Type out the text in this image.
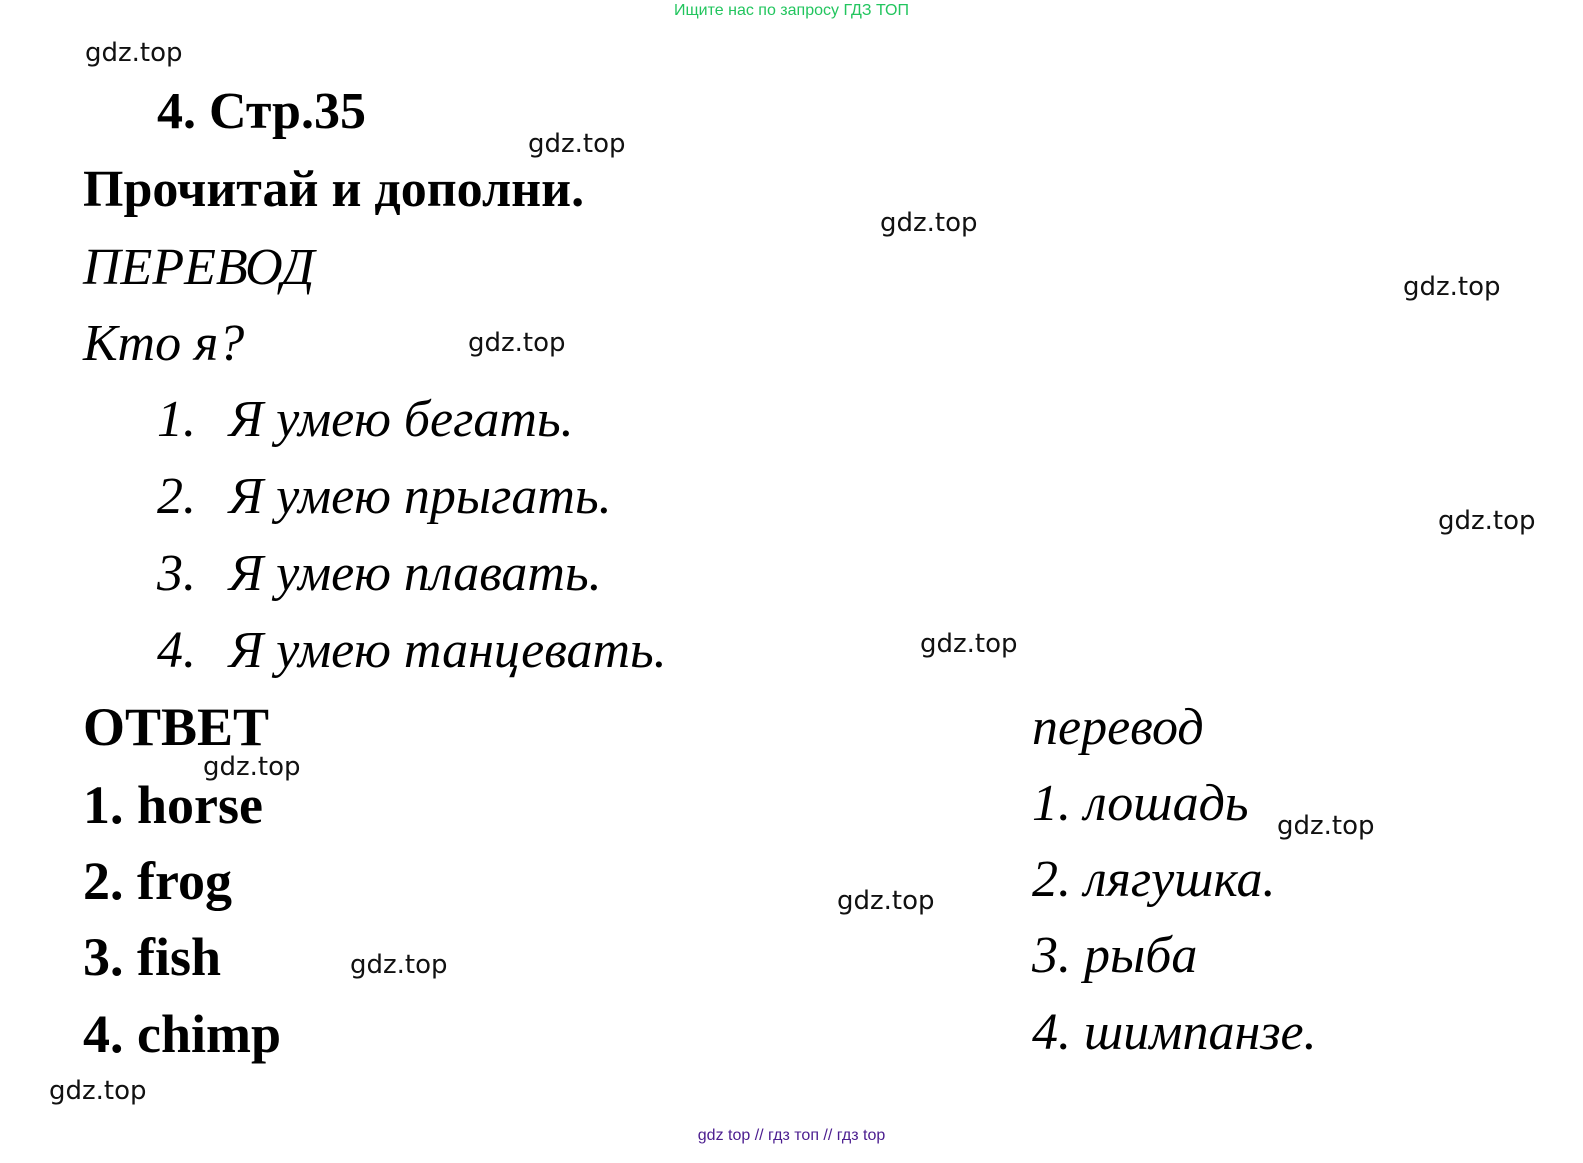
Ищите нас по запросу ГДЗ ТОП
gdz.top
gdz.top
gdz.top
gdz.top
gdz.top
gdz.top
gdz.top
gdz.top
gdz.top
gdz.top
gdz.top
gdz.top
4. Стр.35
Прочитай и дополни.
ПЕРЕВОД
Кто я?
1. Я умею бегать.
2. Я умею прыгать.
3. Я умею плавать.
4. Я умею танцевать.
ОТВЕТ
1. horse
2. frog
3. fish
4. chimp
перевод
1. лошадь
2. лягушка.
3. рыба
4. шимпанзе.
gdz top // гдз топ // гдз top
